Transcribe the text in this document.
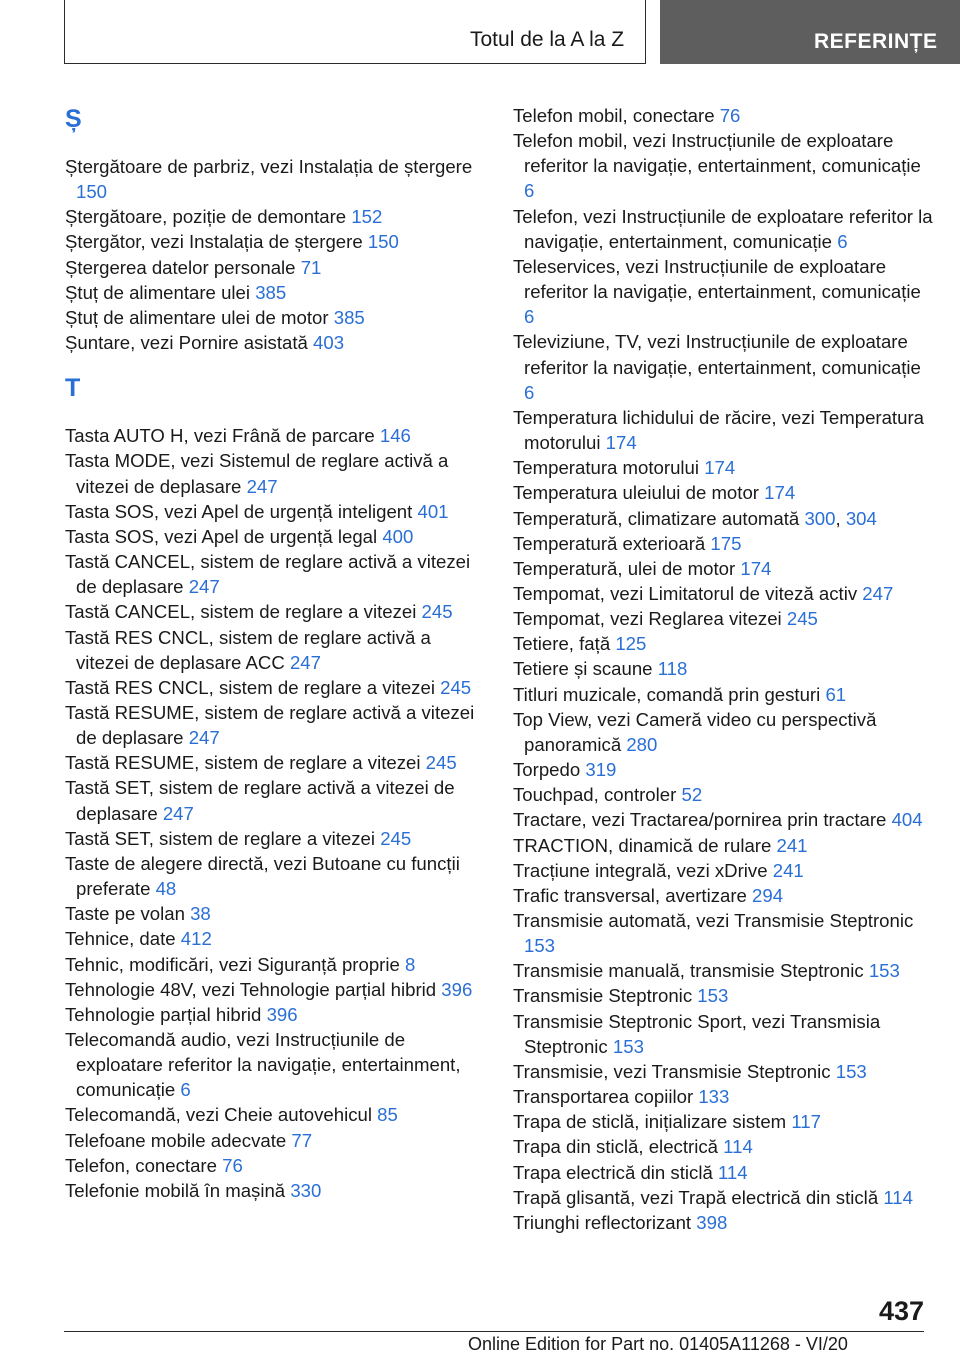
Totul de la A la Z	REFERINȚE
Ș
Ștergătoare de parbriz, vezi Instalația de ștergere 150
Ștergătoare, poziție de demontare 152
Ștergător, vezi Instalația de ștergere 150
Ștergerea datelor personale 71
Ștuț de alimentare ulei 385
Ștuț de alimentare ulei de motor 385
Șuntare, vezi Pornire asistată 403
T
Tasta AUTO H, vezi Frână de parcare 146
Tasta MODE, vezi Sistemul de reglare activă a vitezei de deplasare 247
Tasta SOS, vezi Apel de urgență inteligent 401
Tasta SOS, vezi Apel de urgență legal 400
Tastă CANCEL, sistem de reglare activă a vitezei de deplasare 247
Tastă CANCEL, sistem de reglare a vitezei 245
Tastă RES CNCL, sistem de reglare activă a vitezei de deplasare ACC 247
Tastă RES CNCL, sistem de reglare a vitezei 245
Tastă RESUME, sistem de reglare activă a vitezei de deplasare 247
Tastă RESUME, sistem de reglare a vitezei 245
Tastă SET, sistem de reglare activă a vitezei de deplasare 247
Tastă SET, sistem de reglare a vitezei 245
Taste de alegere directă, vezi Butoane cu funcții preferate 48
Taste pe volan 38
Tehnice, date 412
Tehnic, modificări, vezi Siguranță proprie 8
Tehnologie 48V, vezi Tehnologie parțial hibrid 396
Tehnologie parțial hibrid 396
Telecomandă audio, vezi Instrucțiunile de exploatare referitor la navigație, entertainment, comunicație 6
Telecomandă, vezi Cheie autovehicul 85
Telefoane mobile adecvate 77
Telefon, conectare 76
Telefonie mobilă în mașină 330
Telefon mobil, conectare 76
Telefon mobil, vezi Instrucțiunile de exploatare referitor la navigație, entertainment, comunicație 6
Telefon, vezi Instrucțiunile de exploatare referitor la navigație, entertainment, comunicație 6
Teleservices, vezi Instrucțiunile de exploatare referitor la navigație, entertainment, comunicație 6
Televiziune, TV, vezi Instrucțiunile de exploatare referitor la navigație, entertainment, comunicație 6
Temperatura lichidului de răcire, vezi Temperatura motorului 174
Temperatura motorului 174
Temperatura uleiului de motor 174
Temperatură, climatizare automată 300, 304
Temperatură exterioară 175
Temperatură, ulei de motor 174
Tempomat, vezi Limitatorul de viteză activ 247
Tempomat, vezi Reglarea vitezei 245
Tetiere, față 125
Tetiere și scaune 118
Titluri muzicale, comandă prin gesturi 61
Top View, vezi Cameră video cu perspectivă panoramică 280
Torpedo 319
Touchpad, controler 52
Tractare, vezi Tractarea/pornirea prin tractare 404
TRACTION, dinamică de rulare 241
Tracțiune integrală, vezi xDrive 241
Trafic transversal, avertizare 294
Transmisie automată, vezi Transmisie Steptronic 153
Transmisie manuală, transmisie Steptronic 153
Transmisie Steptronic 153
Transmisie Steptronic Sport, vezi Transmisia Steptronic 153
Transmisie, vezi Transmisie Steptronic 153
Transportarea copiilor 133
Trapa de sticlă, inițializare sistem 117
Trapa din sticlă, electrică 114
Trapa electrică din sticlă 114
Trapă glisantă, vezi Trapă electrică din sticlă 114
Triunghi reflectorizant 398
437
Online Edition for Part no. 01405A11268 - VI/20
